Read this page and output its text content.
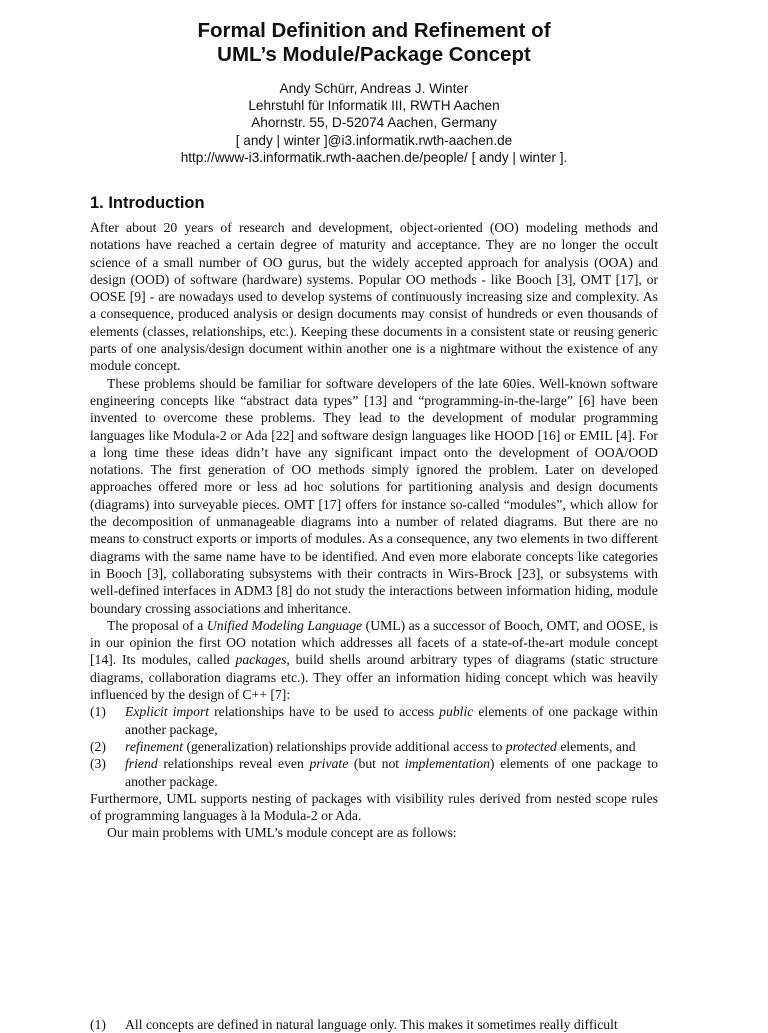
Formal Definition and Refinement of
UML’s Module/Package Concept
Andy Schürr, Andreas J. Winter
Lehrstuhl für Informatik III, RWTH Aachen
Ahornstr. 55, D-52074 Aachen, Germany
[ andy | winter ]@i3.informatik.rwth-aachen.de
http://www-i3.informatik.rwth-aachen.de/people/ [ andy | winter ].
1. Introduction

After about 20 years of research and development, object-oriented (OO) modeling methods and notations have reached a certain degree of maturity and acceptance. They are no longer the occult science of a small number of OO gurus, but the widely accepted approach for analysis (OOA) and design (OOD) of software (hardware) systems. Popular OO methods - like Booch [3], OMT [17], or OOSE [9] - are nowadays used to develop systems of continuously increasing size and complexity. As a consequence, produced analysis or design documents may consist of hundreds or even thousands of elements (classes, relationships, etc.). Keeping these documents in a consistent state or reusing generic parts of one analysis/design document within another one is a nightmare without the existence of any module concept.

These problems should be familiar for software developers of the late 60ies. Well-known software engineering concepts like “abstract data types” [13] and “programming-in-the-large” [6] have been invented to overcome these problems. They lead to the development of modular programming languages like Modula-2 or Ada [22] and software design languages like HOOD [16] or EMIL [4]. For a long time these ideas didn’t have any significant impact onto the development of OOA/OOD notations. The first generation of OO methods simply ignored the problem. Later on developed approaches offered more or less ad hoc solutions for partitioning analysis and design documents (diagrams) into surveyable pieces. OMT [17] offers for instance so-called “modules”, which allow for the decomposition of unmanageable diagrams into a number of related diagrams. But there are no means to construct exports or imports of modules. As a consequence, any two elements in two different diagrams with the same name have to be identified. And even more elaborate concepts like categories in Booch [3], collaborating subsystems with their contracts in Wirs-Brock [23], or subsystems with well-defined interfaces in ADM3 [8] do not study the interactions between information hiding, module boundary crossing associations and inheritance.

The proposal of a Unified Modeling Language (UML) as a successor of Booch, OMT, and OOSE, is in our opinion the first OO notation which addresses all facets of a state-of-the-art module concept [14]. Its modules, called packages, build shells around arbitrary types of diagrams (static structure diagrams, collaboration diagrams etc.). They offer an information hiding concept which was heavily influenced by the design of C++ [7]:

(1)	Explicit import relationships have to be used to access public elements of one package within another package,
(2)	refinement (generalization) relationships provide additional access to protected elements, and
(3)	friend relationships reveal even private (but not implementation) elements of one package to another package.

Furthermore, UML supports nesting of packages with visibility rules derived from nested scope rules of programming languages à la Modula-2 or Ada.

Our main problems with UML’s module concept are as follows:

(1)	All concepts are defined in natural language only. This makes it sometimes really difficult
